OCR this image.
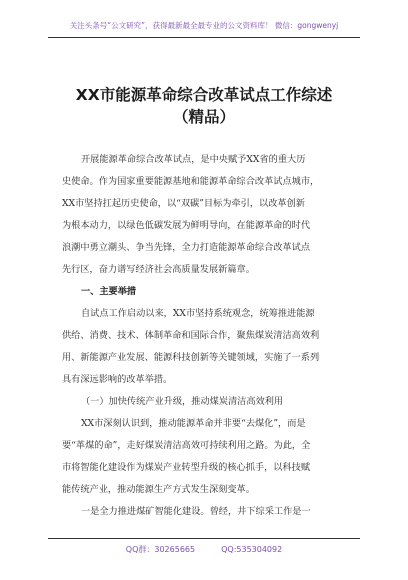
关注头条号“公文研究”，获得最新最全最专业的公文资料库！ 微信：gongwenyj
XX市能源革命综合改革试点工作综述
（精品）
开展能源革命综合改革试点，是中央赋予XX省的重大历
史使命。作为国家重要能源基地和能源革命综合改革试点城市，
XX市坚持扛起历史使命，以“双碳”目标为牵引，以改革创新
为根本动力，以绿色低碳发展为鲜明导向，在能源革命的时代
浪潮中勇立潮头、争当先锋，全力打造能源革命综合改革试点
先行区，奋力谱写经济社会高质量发展新篇章。
一、主要举措
自试点工作启动以来，XX市坚持系统观念，统筹推进能源
供给、消费、技术、体制革命和国际合作，聚焦煤炭清洁高效利
用、新能源产业发展、能源科技创新等关键领域，实施了一系列
具有深远影响的改革举措。
（一）加快传统产业升级，推动煤炭清洁高效利用
XX市深刻认识到，推动能源革命并非要“去煤化”，而是
要“革煤的命”，走好煤炭清洁高效可持续利用之路。为此，全
市将智能化建设作为煤炭产业转型升级的核心抓手，以科技赋
能传统产业，推动能源生产方式发生深刻变革。
一是全力推进煤矿智能化建设。曾经，井下综采工作是一
QQ群：30265665	QQ:535304092
